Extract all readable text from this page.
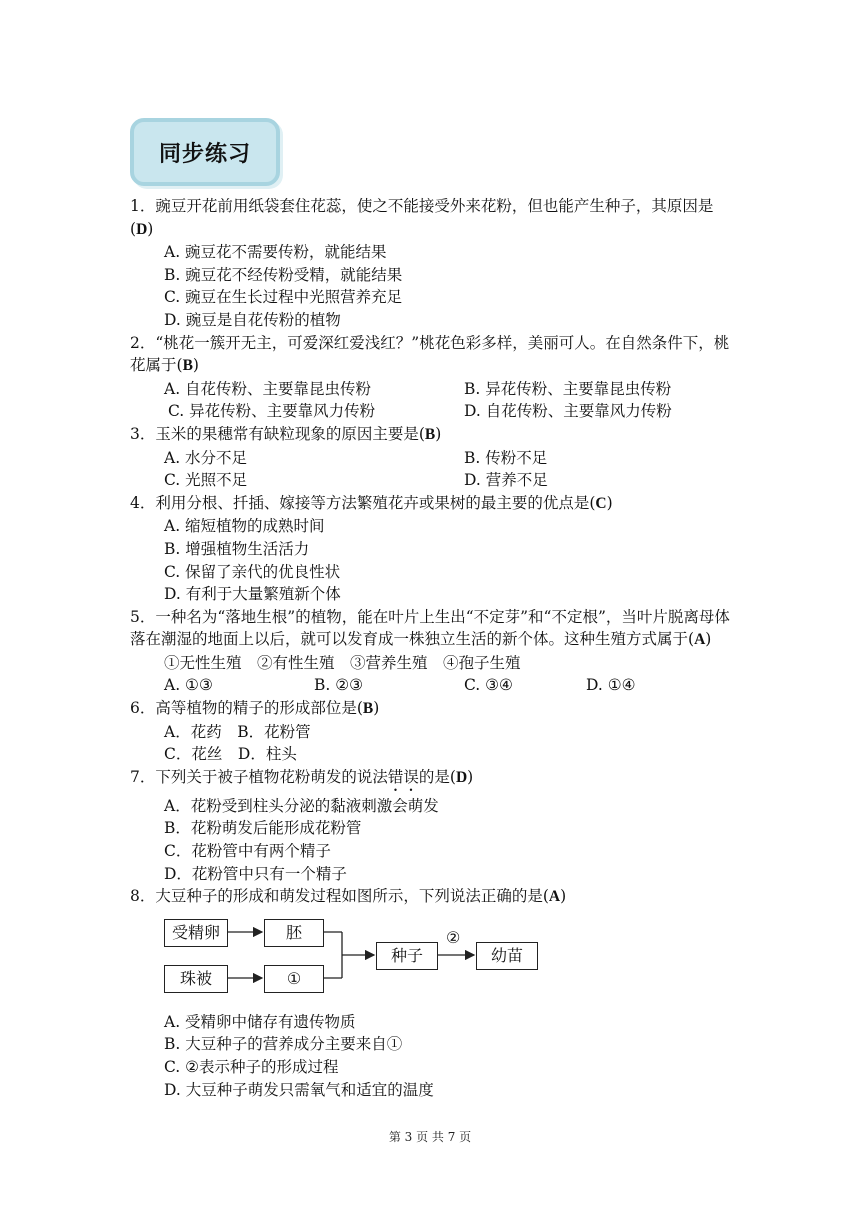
同步练习

1．豌豆开花前用纸袋套住花蕊，使之不能接受外来花粉，但也能产生种子，其原因是(D)

A. 豌豆花不需要传粉，就能结果

B. 豌豆花不经传粉受精，就能结果

C. 豌豆在生长过程中光照营养充足

D. 豌豆是自花传粉的植物

2．“桃花一簇开无主，可爱深红爱浅红？”桃花色彩多样，美丽可人。在自然条件下，桃花属于(B)

A. 自花传粉、主要靠昆虫传粉	B. 异花传粉、主要靠昆虫传粉
C. 异花传粉、主要靠风力传粉	D. 自花传粉、主要靠风力传粉

3．玉米的果穗常有缺粒现象的原因主要是(B)

A. 水分不足	B. 传粉不足
C. 光照不足	D. 营养不足

4．利用分根、扦插、嫁接等方法繁殖花卉或果树的最主要的优点是(C)

A. 缩短植物的成熟时间

B. 增强植物生活活力

C. 保留了亲代的优良性状

D. 有利于大量繁殖新个体

5．一种名为“落地生根”的植物，能在叶片上生出“不定芽”和“不定根”，当叶片脱离母体落在潮湿的地面上以后，就可以发育成一株独立生活的新个体。这种生殖方式属于(A)

①无性生殖　②有性生殖　③营养生殖　④孢子生殖

A. ①③	B. ②③	C. ③④	D. ①④

6．高等植物的精子的形成部位是(B)

A．花药　 B．花粉管

C．花丝　 D．柱头

7．下列关于被子植物花粉萌发的说法错误的是(D)

A．花粉受到柱头分泌的黏液刺激会萌发

B．花粉萌发后能形成花粉管

C．花粉管中有两个精子

D．花粉管中只有一个精子

8．大豆种子的形成和萌发过程如图所示，下列说法正确的是(A)

受精卵	胚
珠被	①
种子	幼苗
②

A. 受精卵中储存有遗传物质

B. 大豆种子的营养成分主要来自①

C. ②表示种子的形成过程

D. 大豆种子萌发只需氧气和适宜的温度

第 3 页 共 7 页
